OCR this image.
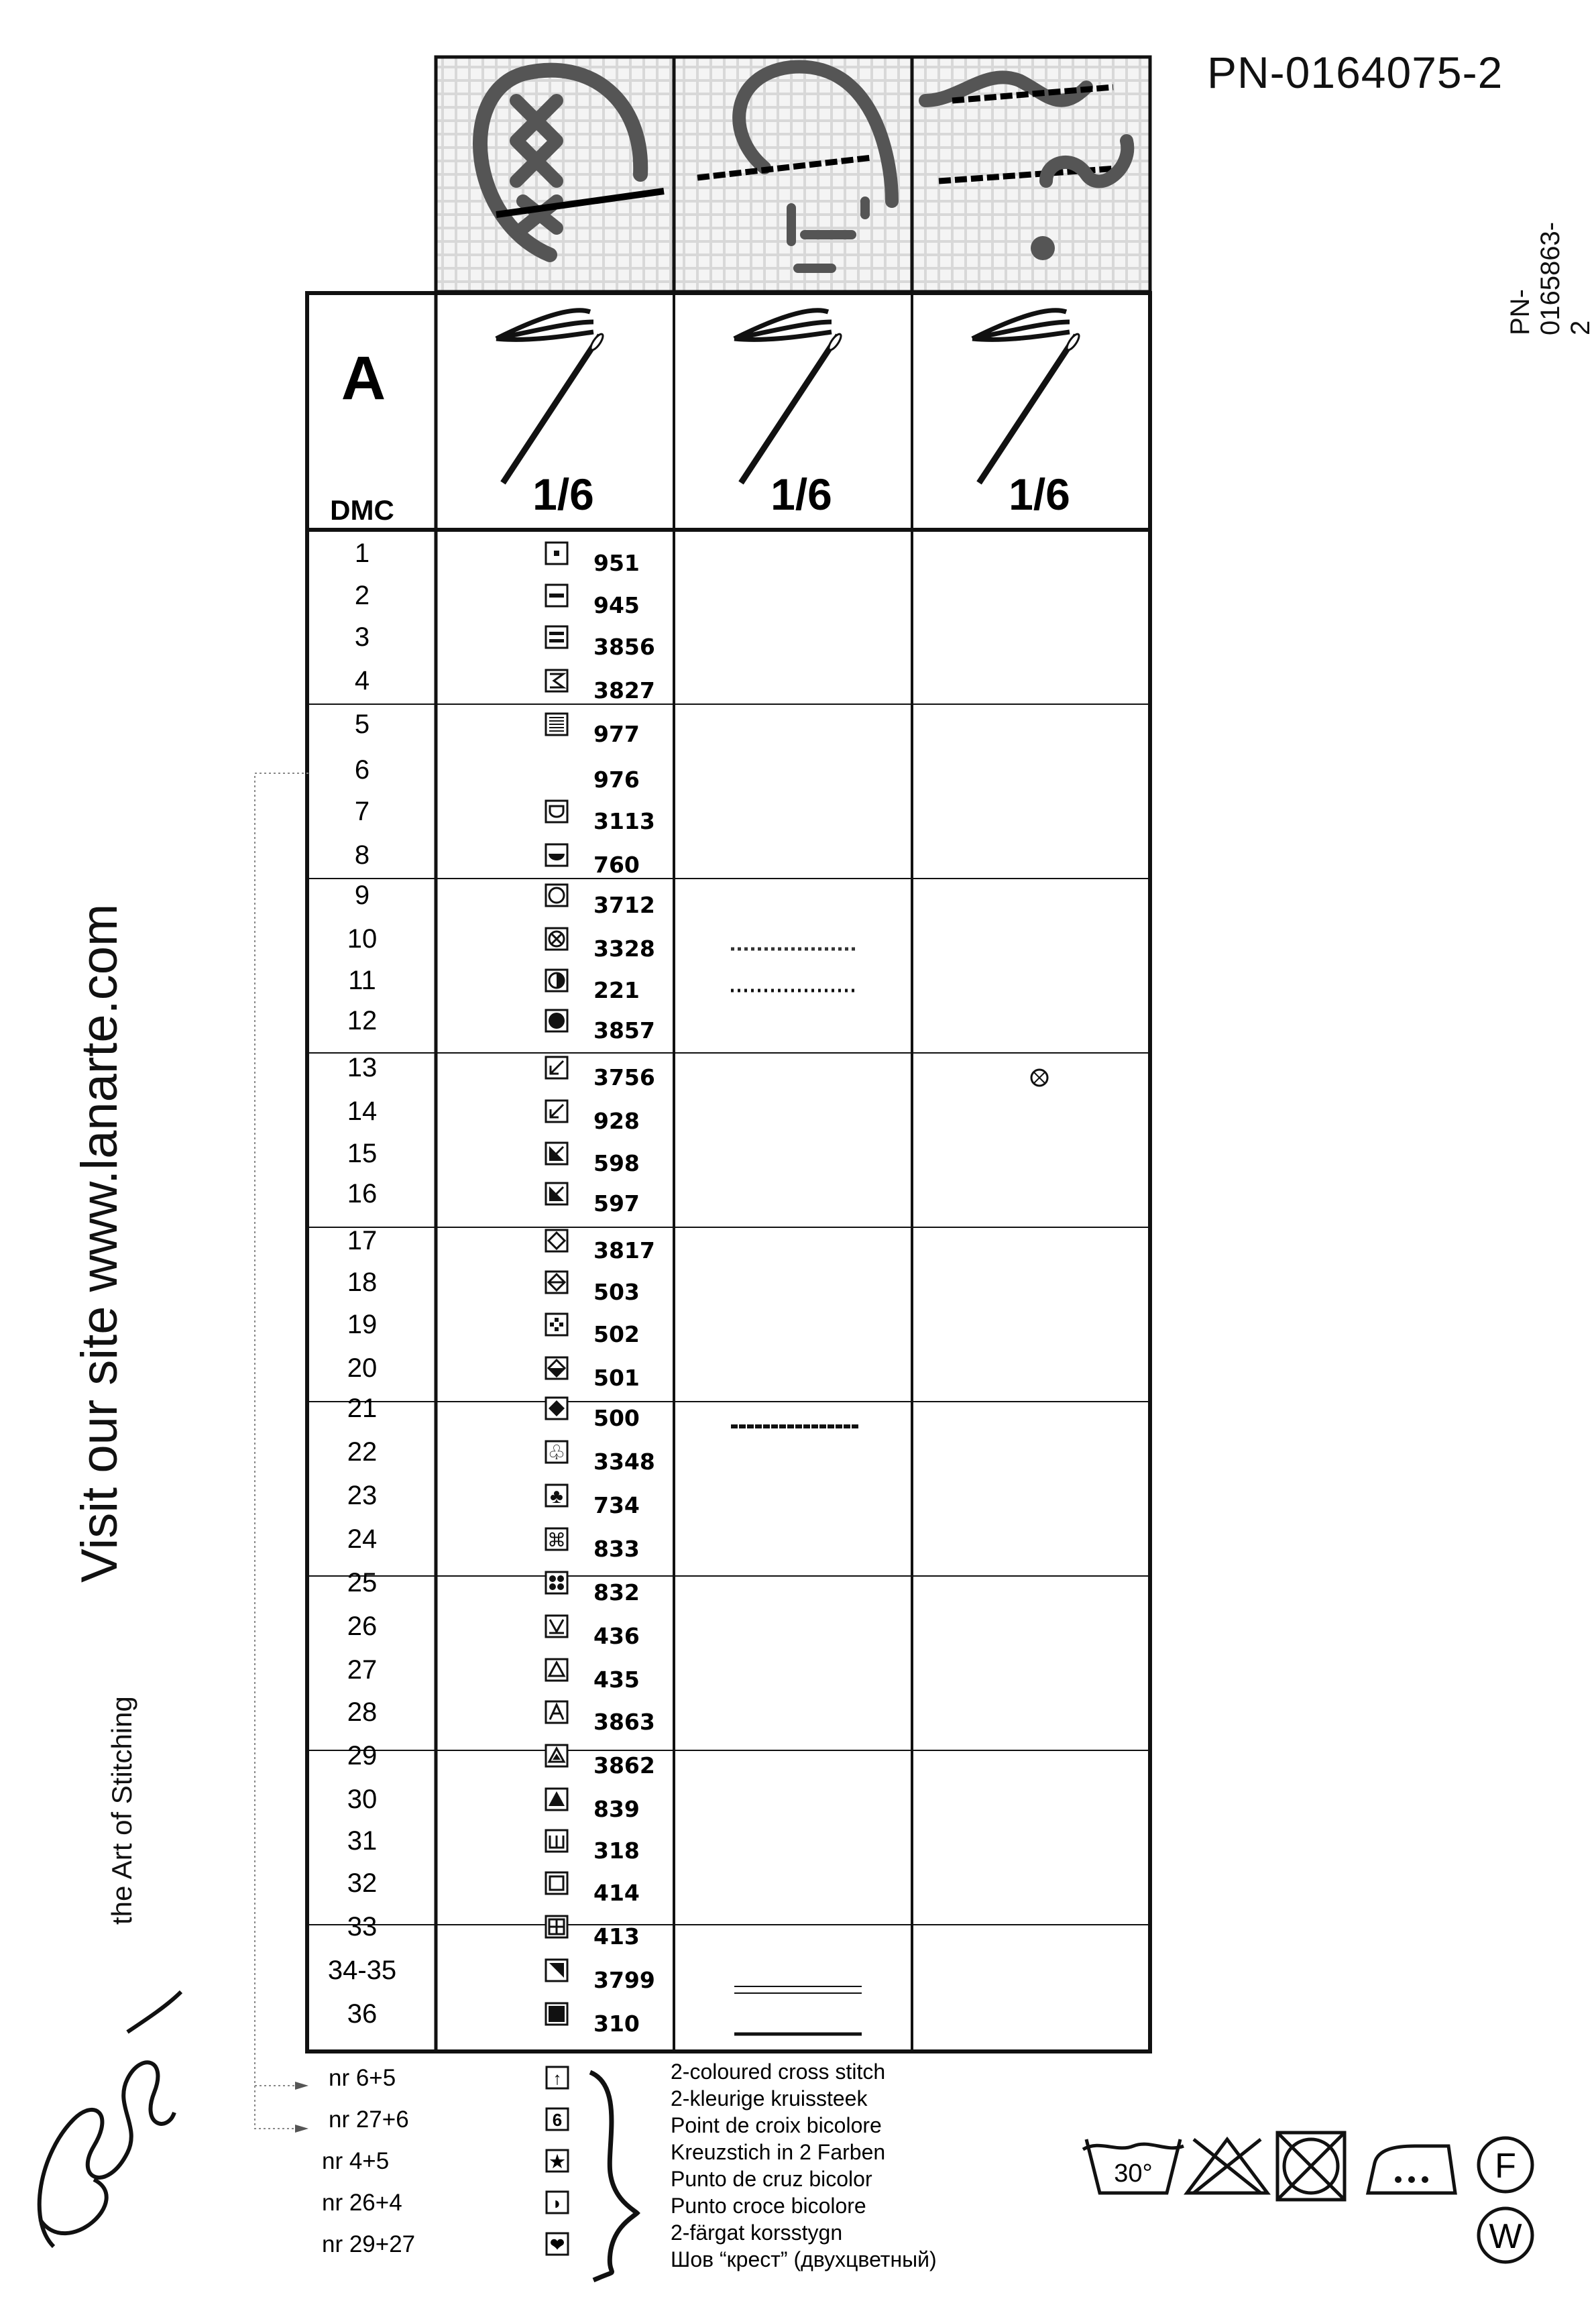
PN-0164075-2
PN-0165863-2
Visit our site www.lanarte.com
the Art of Stitching
A
DMC	1/6	1/6	1/6
1	951
2	945
3	3856
4	3827
5	977
6	976
7	3113
8	760
9	3712
10	3328
11	221
12	3857
13	3756
14	928
15	598
16	597
17	3817
18	503
19	502
20	501
21	500
22	♧ 3348
23	♣ 734
24	⌘ 833
25	832
26	436
27	435
28	3863
29	3862
30	839
31	318
32	414
33	413
34-35	3799
36	310
nr 6+5	↑
nr 27+6	6
nr 4+5	★
nr 26+4	◗
nr 29+27	❤
2-coloured cross stitch
2-kleurige kruissteek
Point de croix bicolore
Kreuzstich in 2 Farben
Punto de cruz bicolor
Punto croce bicolore
2-färgat korsstygn
Шов “крест” (двухцветный)
30°	F
W
